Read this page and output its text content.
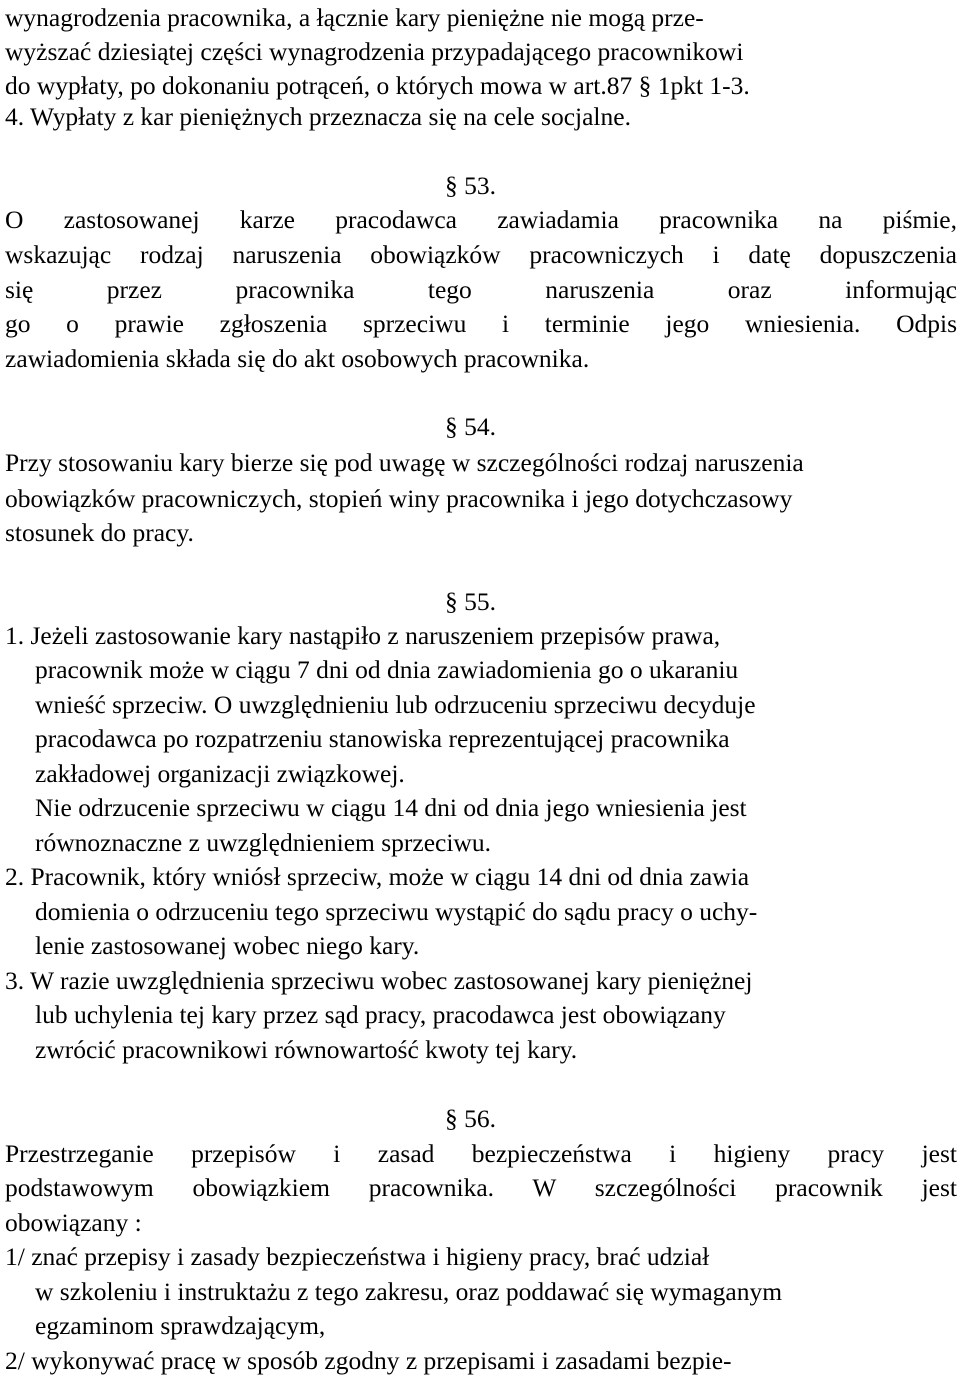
wynagrodzenia pracownika, a łącznie kary pieniężne nie mogą prze-
wyższać dziesiątej części wynagrodzenia przypadającego pracownikowi
do wypłaty, po dokonaniu potrąceń, o których mowa w art.87 § 1pkt 1-3.
4. Wypłaty z kar pieniężnych przeznacza się na cele socjalne.
§ 53.
O zastosowanej karze pracodawca zawiadamia pracownika na piśmie,
wskazując rodzaj naruszenia obowiązków pracowniczych i datę dopuszczenia
się przez pracownika tego naruszenia oraz informując
go o prawie zgłoszenia sprzeciwu i terminie jego wniesienia. Odpis
zawiadomienia składa się do akt osobowych pracownika.
§ 54.
Przy stosowaniu kary bierze się pod uwagę w szczególności rodzaj naruszenia
obowiązków pracowniczych, stopień winy pracownika i jego dotychczasowy
stosunek do pracy.
§ 55.
1. Jeżeli zastosowanie kary nastąpiło z naruszeniem przepisów prawa,
pracownik może w ciągu 7 dni od dnia zawiadomienia go o ukaraniu
wnieść sprzeciw. O uwzględnieniu lub odrzuceniu sprzeciwu decyduje
pracodawca po rozpatrzeniu stanowiska reprezentującej pracownika
zakładowej organizacji związkowej.
Nie odrzucenie sprzeciwu w ciągu 14 dni od dnia jego wniesienia jest
równoznaczne z uwzględnieniem sprzeciwu.
2. Pracownik, który wniósł sprzeciw, może w ciągu 14 dni od dnia zawia
domienia o odrzuceniu tego sprzeciwu wystąpić do sądu pracy o uchy-
lenie zastosowanej wobec niego kary.
3. W razie uwzględnienia sprzeciwu wobec zastosowanej kary pieniężnej
lub uchylenia tej kary przez sąd pracy, pracodawca jest obowiązany
zwrócić pracownikowi równowartość kwoty tej kary.
§ 56.
Przestrzeganie przepisów i zasad bezpieczeństwa i higieny pracy jest
podstawowym obowiązkiem pracownika. W szczególności pracownik jest
obowiązany :
1/ znać przepisy i zasady bezpieczeństwa i higieny pracy, brać udział
w szkoleniu i instruktażu z tego zakresu, oraz poddawać się wymaganym
egzaminom sprawdzającym,
2/ wykonywać pracę w sposób zgodny z przepisami i zasadami bezpie-
